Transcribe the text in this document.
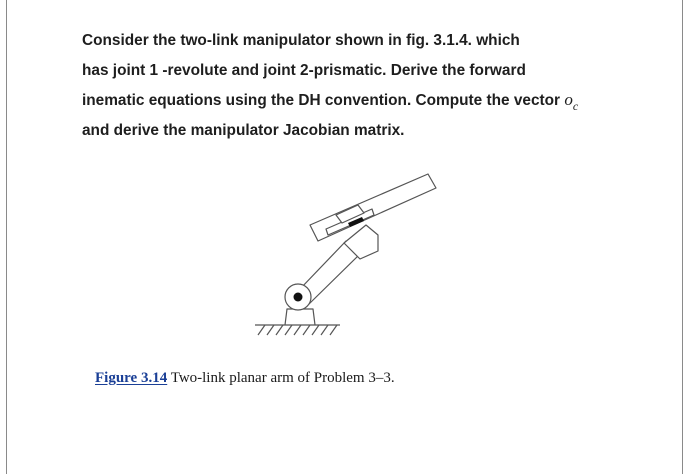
Consider the two-link manipulator shown in fig. 3.1.4. which
has joint 1 -revolute and joint 2-prismatic. Derive the forward
inematic equations using the DH convention. Compute the vector $o_c$
and derive the manipulator Jacobian matrix.

Figure 3.14 Two-link planar arm of Problem 3–3.
